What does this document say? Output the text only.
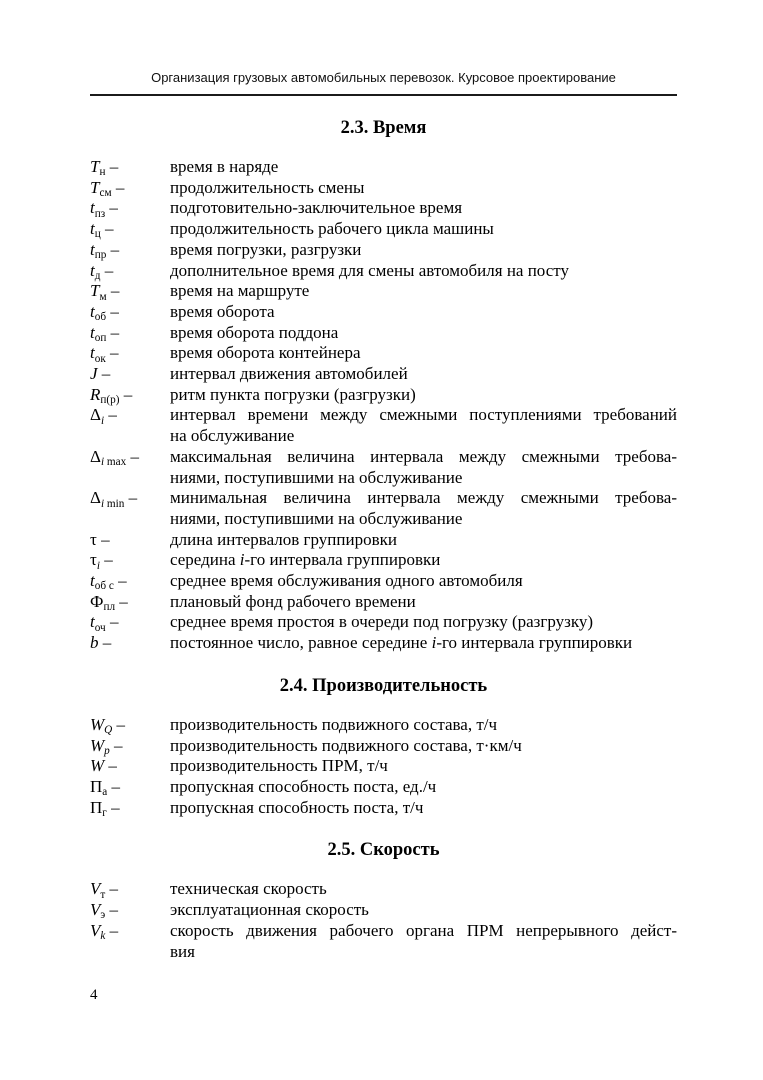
Организация грузовых автомобильных перевозок. Курсовое проектирование
2.3. Время
$T_н$ –	время в наряде
$T_{см}$ –	продолжительность смены
$t_{пз}$ –	подготовительно-заключительное время
$t_ц$ –	продолжительность рабочего цикла машины
$t_{пр}$ –	время погрузки, разгрузки
$t_д$ –	дополнительное время для смены автомобиля на посту
$T_м$ –	время на маршруте
$t_{об}$ –	время оборота
$t_{оп}$ –	время оборота поддона
$t_{ок}$ –	время оборота контейнера
J –	интервал движения автомобилей
$R_{п(р)}$ –	ритм пункта погрузки (разгрузки)
$\Delta_i$ –	интервал времени между смежными поступлениями требований
на обслуживание
$\Delta_i$ $_{max}$ –	максимальная величина интервала между смежными требова-
ниями, поступившими на обслуживание
$\Delta_i$ $_{min}$ –	минимальная величина интервала между смежными требова-
ниями, поступившими на обслуживание
τ –	длина интервалов группировки
$\tau_i$ –	середина i-го интервала группировки
$t_{об с}$ –	среднее время обслуживания одного автомобиля
$Ф_{пл}$ –	плановый фонд рабочего времени
$t_{оч}$ –	среднее время простоя в очереди под погрузку (разгрузку)
b –	постоянное число, равное середине i-го интервала группировки
2.4. Производительность
$W_Q$ –	производительность подвижного состава, т/ч
$W_p$ –	производительность подвижного состава, т·км/ч
W –	производительность ПРМ, т/ч
$П_а$ –	пропускная способность поста, ед./ч
$П_г$ –	пропускная способность поста, т/ч
2.5. Скорость
$V_т$ –	техническая скорость
$V_э$ –	эксплуатационная скорость
$V_k$ –	скорость движения рабочего органа ПРМ непрерывного дейст-
вия
4
